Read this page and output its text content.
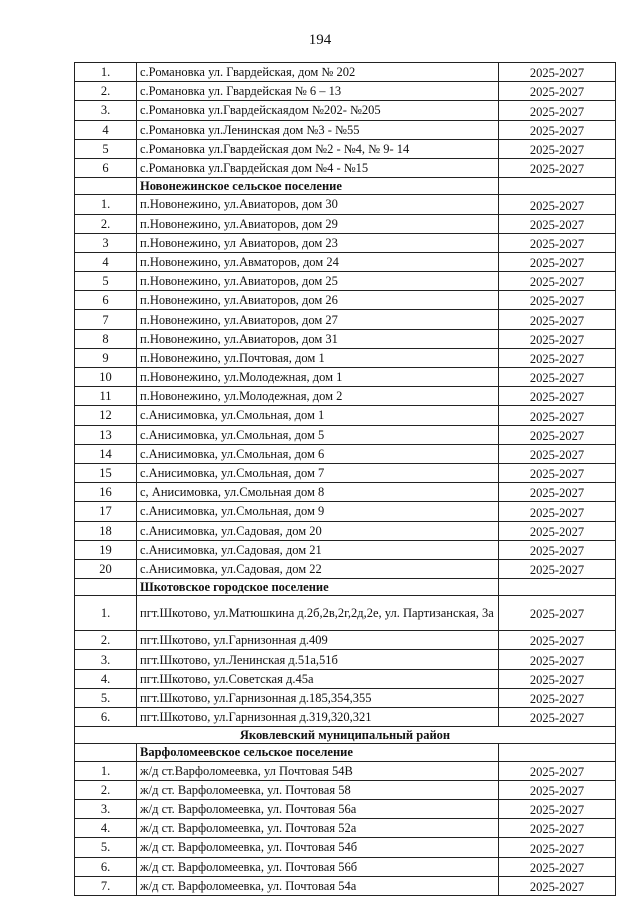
194
1.	с.Романовка ул. Гвардейская, дом № 202	2025-2027
2.	с.Романовка ул. Гвардейская № 6 – 13	2025-2027
3.	с.Романовка ул.Гвардейскаядом №202- №205	2025-2027
4	с.Романовка ул.Ленинская дом №3 - №55	2025-2027
5	с.Романовка ул.Гвардейская дом №2 - №4, № 9- 14	2025-2027
6	с.Романовка ул.Гвардейская дом №4 - №15	2025-2027
	Новонежинское сельское поселение	
1.	п.Новонежино, ул.Авиаторов, дом 30	2025-2027
2.	п.Новонежино, ул.Авиаторов, дом 29	2025-2027
3	п.Новонежино, ул Авиаторов, дом 23	2025-2027
4	п.Новонежино, ул.Авматоров, дом 24	2025-2027
5	п.Новонежино, ул.Авиаторов, дом 25	2025-2027
6	п.Новонежино, ул.Авиаторов, дом 26	2025-2027
7	п.Новонежино, ул.Авиаторов, дом 27	2025-2027
8	п.Новонежино, ул.Авиаторов, дом 31	2025-2027
9	п.Новонежино, ул.Почтовая, дом 1	2025-2027
10	п.Новонежино, ул.Молодежная, дом 1	2025-2027
11	п.Новонежино, ул.Молодежная, дом 2	2025-2027
12	с.Анисимовка, ул.Смольная, дом 1	2025-2027
13	с.Анисимовка, ул.Смольная, дом 5	2025-2027
14	с.Анисимовка, ул.Смольная, дом 6	2025-2027
15	с.Анисимовка, ул.Смольная, дом 7	2025-2027
16	с, Анисимовка, ул.Смольная дом 8	2025-2027
17	с.Анисимовка, ул.Смольная, дом 9	2025-2027
18	с.Анисимовка, ул.Садовая, дом 20	2025-2027
19	с.Анисимовка, ул.Садовая, дом 21	2025-2027
20	с.Анисимовка, ул.Садовая, дом 22	2025-2027
	Шкотовское городское поселение	
1.	пгт.Шкотово, ул.Матюшкина д.2б,2в,2г,2д,2е, ул. Партизанская, 3а	2025-2027
2.	пгт.Шкотово, ул.Гарнизонная д.409	2025-2027
3.	пгт.Шкотово, ул.Ленинская д.51а,51б	2025-2027
4.	пгт.Шкотово, ул.Советская д.45а	2025-2027
5.	пгт.Шкотово, ул.Гарнизонная д.185,354,355	2025-2027
6.	пгт.Шкотово, ул.Гарнизонная д.319,320,321	2025-2027
Яковлевский муниципальный район		
	Варфоломеевское сельское поселение	
1.	ж/д ст.Варфоломеевка, ул Почтовая 54В	2025-2027
2.	ж/д ст. Варфоломеевка, ул. Почтовая 58	2025-2027
3.	ж/д ст. Варфоломеевка, ул. Почтовая 56а	2025-2027
4.	ж/д ст. Варфоломеевка, ул. Почтовая 52а	2025-2027
5.	ж/д ст. Варфоломеевка, ул. Почтовая 54б	2025-2027
6.	ж/д ст. Варфоломеевка, ул. Почтовая 56б	2025-2027
7.	ж/д ст. Варфоломеевка, ул. Почтовая 54а	2025-2027
